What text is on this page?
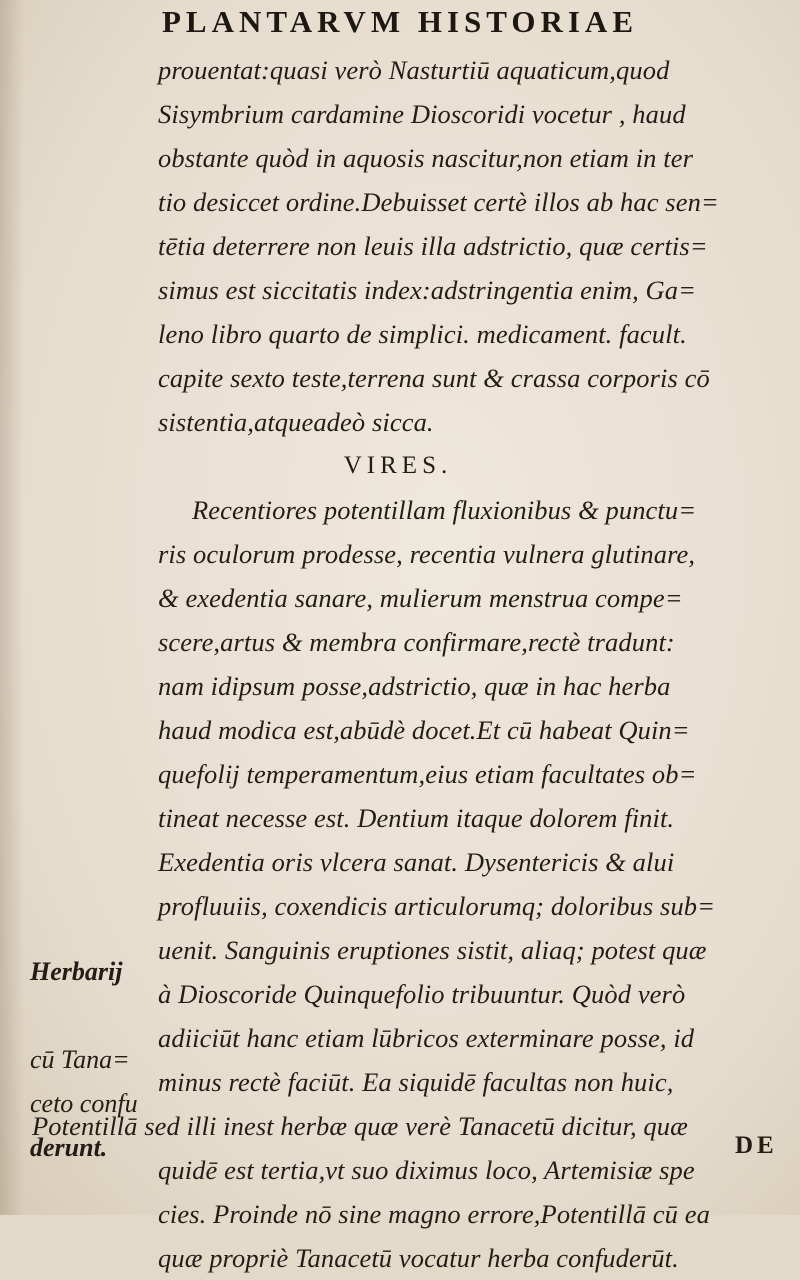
PLANTARVM HISTORIAE
prouentat:quasi verò Nasturtiū aquaticum,quod
Sisymbrium cardamine Dioscoridi vocetur , haud
obstante quòd in aquosis nascitur,non etiam in ter
tio desiccet ordine.Debuisset certè illos ab hac sen=
tētia deterrere non leuis illa adstrictio, quæ certis=
simus est siccitatis index:adstringentia enim, Ga=
leno libro quarto de simplici. medicament. facult.
capite sexto teste,terrena sunt & crassa corporis cō
sistentia,atqueadeò sicca.
VIRES.
Recentiores potentillam fluxionibus & punctu=
ris oculorum prodesse, recentia vulnera glutinare,
& exedentia sanare, mulierum menstrua compe=
scere,artus & membra confirmare,rectè tradunt:
nam idipsum posse,adstrictio, quæ in hac herba
haud modica est,abūdè docet.Et cū habeat Quin=
quefolij temperamentum,eius etiam facultates ob=
tineat necesse est. Dentium itaque dolorem finit.
Exedentia oris vlcera sanat. Dysentericis & alui
profluuiis, coxendicis articulorumq; doloribus sub=
uenit. Sanguinis eruptiones sistit, aliaq; potest quæ
à Dioscoride Quinquefolio tribuuntur. Quòd verò
adiiciūt hanc etiam lūbricos exterminare posse, id
minus rectè faciūt. Ea siquidē facultas non huic,
Potentillā sed illi inest herbæ quæ verè Tanacetū dicitur, quæ
quidē est tertia,vt suo diximus loco, Artemisiæ spe
cies. Proinde nō sine magno errore,Potentillā cū ea
quæ propriè Tanacetū vocatur herba confuderūt.
Herbarij
cū Tana=
ceto confu
derunt.	DE
